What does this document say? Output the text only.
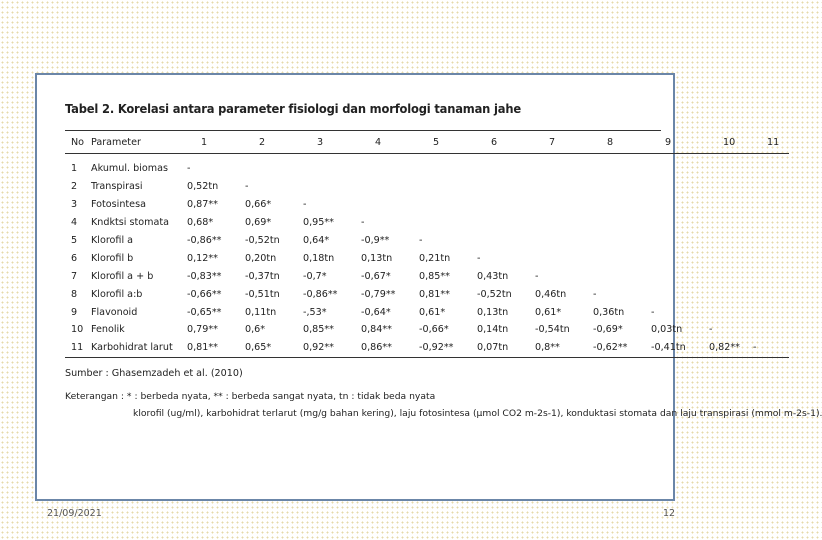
Tabel 2. Korelasi antara parameter fisiologi dan morfologi tanaman jahe
No	Parameter	1	2	3	4	5	6	7	8	9	10	11
1	Akumul. biomas	-										
2	Transpirasi	0,52tn	-									
3	Fotosintesa	0,87**	0,66*	-								
4	Kndktsi stomata	0,68*	0,69*	0,95**	-							
5	Klorofil a	-0,86**	-0,52tn	0,64*	-0,9**	-						
6	Klorofil b	0,12**	0,20tn	0,18tn	0,13tn	0,21tn	-					
7	Klorofil a + b	-0,83**	-0,37tn	-0,7*	-0,67*	0,85**	0,43tn	-				
8	Klorofil a:b	-0,66**	-0,51tn	-0,86**	-0,79**	0,81**	-0,52tn	0,46tn	-			
9	Flavonoid	-0,65**	0,11tn	-,53*	-0,64*	0,61*	0,13tn	0,61*	0,36tn	-		
10	Fenolik	0,79**	0,6*	0,85**	0,84**	-0,66*	0,14tn	-0,54tn	-0,69*	0,03tn	-	
11	Karbohidrat larut	0,81**	0,65*	0,92**	0,86**	-0,92**	0,07tn	0,8**	-0,62**	-0,41tn	0,82**	-
Sumber : Ghasemzadeh et al. (2010)
Keterangan : * : berbeda nyata, ** : berbeda sangat nyata, tn : tidak beda nyata
klorofil (ug/ml), karbohidrat terlarut (mg/g bahan kering), laju fotosintesa (µmol CO2 m-2s-1), konduktasi stomata dan laju transpirasi (mmol m-2s-1).
21/09/2021	12
